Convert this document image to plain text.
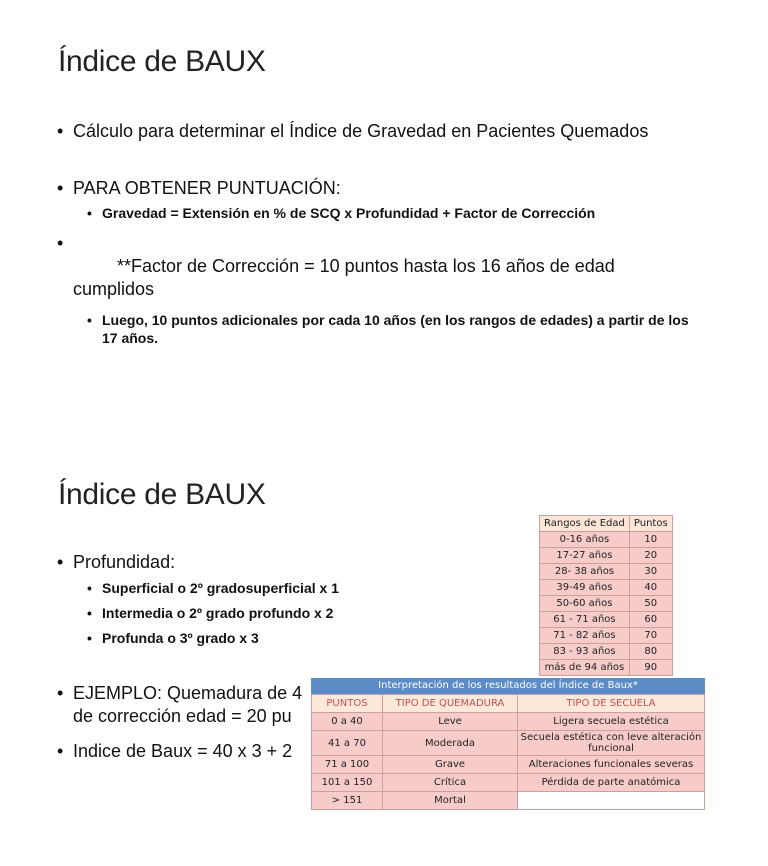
Índice de BAUX
• Cálculo para determinar el Índice de Gravedad en Pacientes Quemados
• PARA OBTENER PUNTUACIÓN:
• Gravedad = Extensión en % de SCQ x Profundidad + Factor de Corrección
•
**Factor de Corrección = 10 puntos hasta los 16 años de edad
cumplidos
• Luego, 10 puntos adicionales por cada 10 años (en los rangos de edades) a partir de los 17 años.
Índice de BAUX
• Profundidad:
• Superficial o 2º gradosuperficial x 1
• Intermedia o 2º grado profundo x 2
• Profunda o 3º grado x 3
• EJEMPLO: Quemadura de 4
de corrección edad = 20 pu
• Indice de Baux = 40 x 3 + 2
Rangos de Edad	Puntos
0-16 años	10
17-27 años	20
28- 38 años	30
39-49 años	40
50-60 años	50
61 - 71 años	60
71 - 82 años	70
83 - 93 años	80
más de 94 años	90
Interpretación de los resultados del Índice de Baux*
PUNTOS	TIPO DE QUEMADURA	TIPO DE SECUELA
0 a 40	Leve	Ligera secuela estética
41 a 70	Moderada	Secuela estética con leve alteración funcional
71 a 100	Grave	Alteraciones funcionales severas
101 a 150	Crítica	Pérdida de parte anatómica
> 151	Mortal	
